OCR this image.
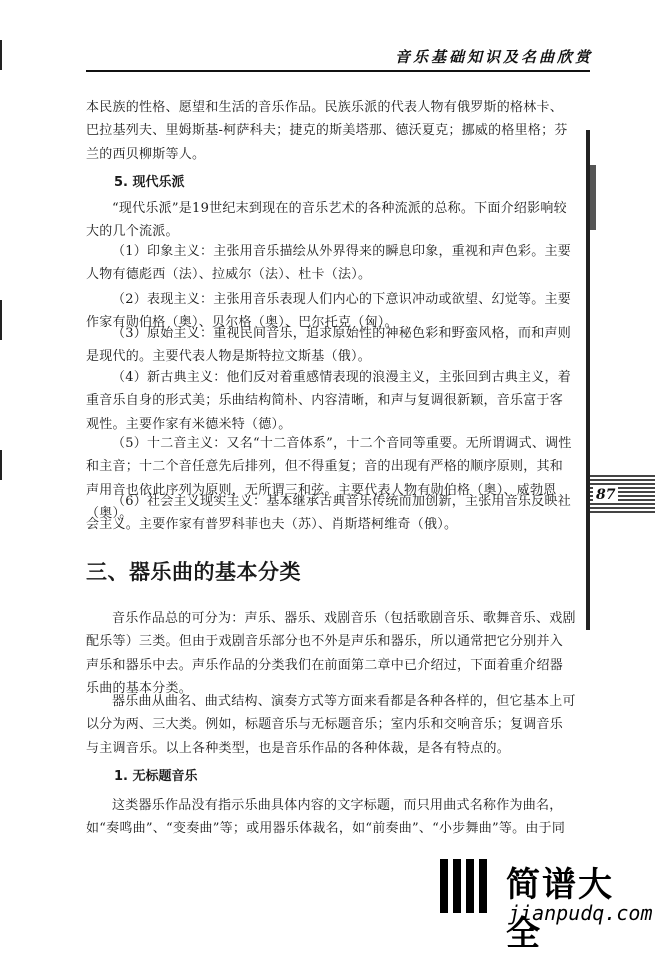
音乐基础知识及名曲欣赏
87

本民族的性格、愿望和生活的音乐作品。民族乐派的代表人物有俄罗斯的格林卡、巴拉基列夫、里姆斯基-柯萨科夫；捷克的斯美塔那、德沃夏克；挪威的格里格；芬兰的西贝柳斯等人。

5. 现代乐派

“现代乐派”是19世纪末到现在的音乐艺术的各种流派的总称。下面介绍影响较大的几个流派。

（1）印象主义：主张用音乐描绘从外界得来的瞬息印象，重视和声色彩。主要人物有德彪西（法）、拉威尔（法）、杜卡（法）。

（2）表现主义：主张用音乐表现人们内心的下意识冲动或欲望、幻觉等。主要作家有勋伯格（奥）、贝尔格（奥）、巴尔托克（匈）。

（3）原始主义：重视民间音乐，追求原始性的神秘色彩和野蛮风格，而和声则是现代的。主要代表人物是斯特拉文斯基（俄）。

（4）新古典主义：他们反对着重感情表现的浪漫主义，主张回到古典主义，着重音乐自身的形式美；乐曲结构简朴、内容清晰，和声与复调很新颖，音乐富于客观性。主要作家有米德米特（德）。

（5）十二音主义：又名“十二音体系”，十二个音同等重要。无所谓调式、调性和主音；十二个音任意先后排列，但不得重复；音的出现有严格的顺序原则，其和声用音也依此序列为原则，无所谓三和弦。主要代表人物有勋伯格（奥）、威勃恩（奥）。

（6）社会主义现实主义：基本继承古典音乐传统而加创新，主张用音乐反映社会主义。主要作家有普罗科菲也夫（苏）、肖斯塔柯维奇（俄）。

三、器乐曲的基本分类

音乐作品总的可分为：声乐、器乐、戏剧音乐（包括歌剧音乐、歌舞音乐、戏剧配乐等）三类。但由于戏剧音乐部分也不外是声乐和器乐，所以通常把它分别并入声乐和器乐中去。声乐作品的分类我们在前面第二章中已介绍过，下面着重介绍器乐曲的基本分类。

器乐曲从曲名、曲式结构、演奏方式等方面来看都是各种各样的，但它基本上可以分为两、三大类。例如，标题音乐与无标题音乐；室内乐和交响音乐；复调音乐与主调音乐。以上各种类型，也是音乐作品的各种体裁，是各有特点的。

1. 无标题音乐

这类器乐作品没有指示乐曲具体内容的文字标题，而只用曲式名称作为曲名，如“奏鸣曲”、“变奏曲”等；或用器乐体裁名，如“前奏曲”、“小步舞曲”等。由于同

简谱大全
jianpudq.com
